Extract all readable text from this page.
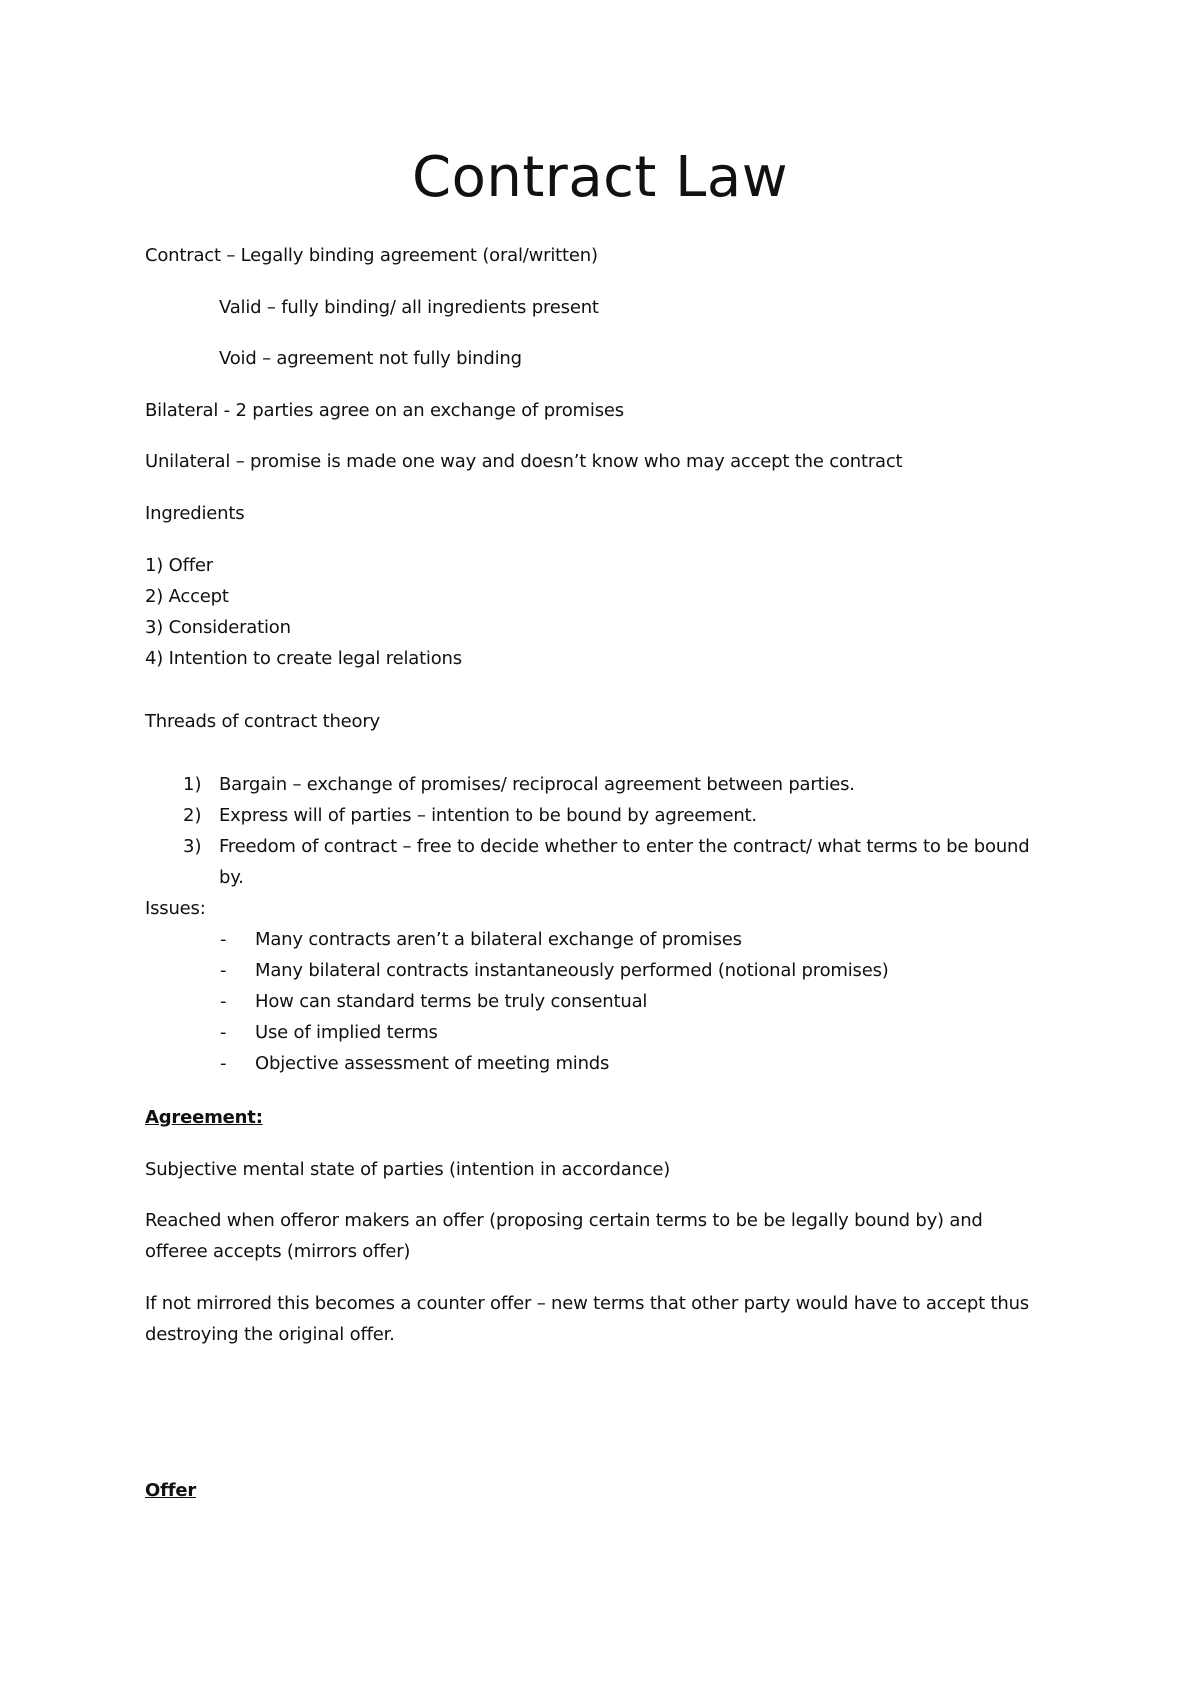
Contract Law
Contract – Legally binding agreement (oral/written)
Valid – fully binding/ all ingredients present
Void – agreement not fully binding
Bilateral - 2 parties agree on an exchange of promises
Unilateral – promise is made one way and doesn’t know who may accept the contract
Ingredients
1) Offer
2) Accept
3) Consideration
4) Intention to create legal relations
Threads of contract theory
1) Bargain – exchange of promises/ reciprocal agreement between parties.
2) Express will of parties – intention to be bound by agreement.
3) Freedom of contract – free to decide whether to enter the contract/ what terms to be bound
by.
Issues:
- Many contracts aren’t a bilateral exchange of promises
- Many bilateral contracts instantaneously performed (notional promises)
- How can standard terms be truly consentual
- Use of implied terms
- Objective assessment of meeting minds
Agreement:
Subjective mental state of parties (intention in accordance)
Reached when offeror makers an offer (proposing certain terms to be be legally bound by) and
offeree accepts (mirrors offer)
If not mirrored this becomes a counter offer – new terms that other party would have to accept thus
destroying the original offer.
Offer
